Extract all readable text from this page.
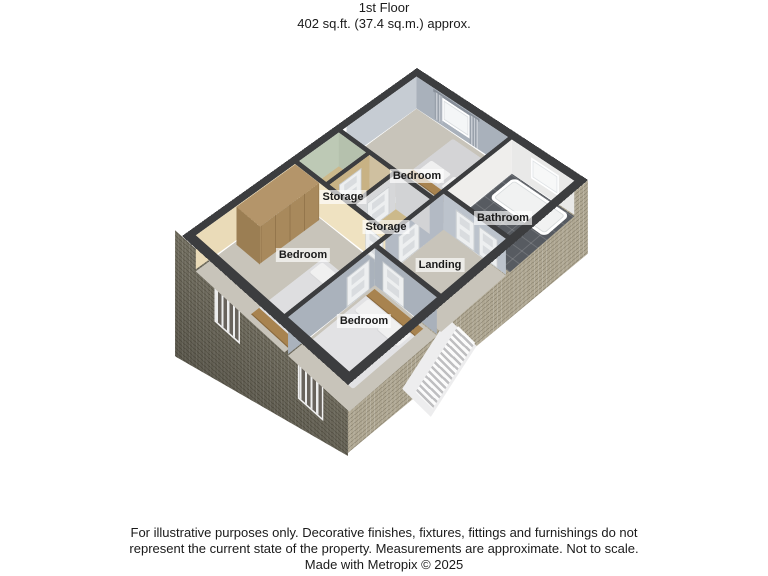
1st Floor
402 sq.ft. (37.4 sq.m.) approx.
Bedroom
Storage
Storage
Bathroom
Bedroom
Landing
Bedroom
For illustrative purposes only. Decorative finishes, fixtures, fittings and furnishings do not
represent the current state of the property. Measurements are approximate. Not to scale.
Made with Metropix © 2025
